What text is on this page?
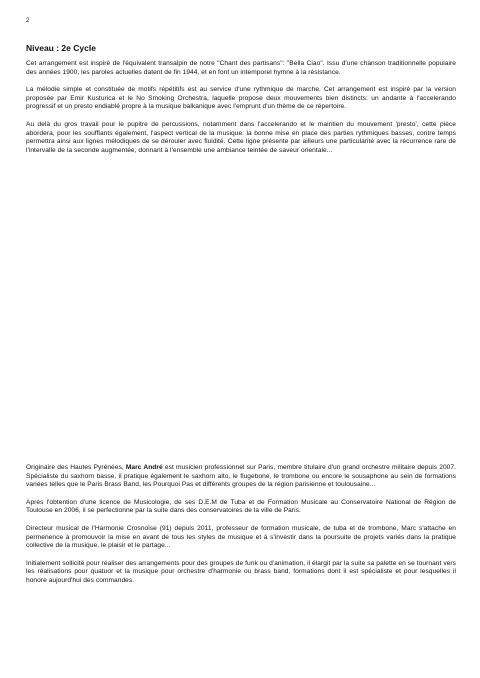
2
Niveau : 2e Cycle

Cet arrangement est inspiré de l'équivalent transalpin de notre "Chant des partisans": "Bella Ciao". Issu d'une chanson traditionnelle populaire des années 1900, les paroles actuelles datent de fin 1944, et en font un intemporel hymne à la résistance.

La mélodie simple et constituée de motifs répétitifs est au service d'une rythmique de marche. Cet arrangement est inspiré par la version proposée par Emir Kusturica et le No Smoking Orchestra, laquelle propose deux mouvements bien distincts: un andante à l'accelerando progressif et un presto endiablé propre à la musique balkanique avec l'emprunt d'un thème de ce répertoire.

Au delà du gros travail pour le pupitre de percussions, notamment dans l'accelerando et le maintien du mouvement 'presto', cette pièce abordera, pour les soufflants également, l'aspect vertical de la musique: la bonne mise en place des parties rythmiques basses, contre temps permettra ainsi aux lignes mélodiques de se dérouler avec fluidité. Cette ligne présente par ailleurs une particularité avec la récurrence rare de l'intervalle de la seconde augmentée, donnant à l'ensemble une ambiance teintée de saveur orientale...

Originaire des Hautes Pyrénées, Marc André est musicien professionnel sur Paris, membre titulaire d'un grand orchestre militaire depuis 2007. Spécialiste du saxhorn basse, il pratique également le saxhorn alto, le flugebone, le trombone ou encore le sousaphone au sein de formations variées telles que le Paris Brass Band, les Pourquoi Pas et différents groupes de la région parisienne et toulousaine...

Après l'obtention d'une licence de Musicologie, de ses D.E.M de Tuba et de Formation Musicale au Conservatoire National de Région de Toulouse en 2006, il se perfectionne par la suite dans des conservatoires de la ville de Paris.

Directeur musical de l'Harmonie Crosnoise (91) depuis 2011, professeur de formation musicale, de tuba et de trombone, Marc s'attache en permenence à promouvoir la mise en avant de tous les styles de musique et à s'investir dans la poursuite de projets variés dans la pratique collective de la musique, le plaisir et le partage...

Initialement sollicité pour réaliser des arrangements pour des groupes de funk ou d'animation, il élargit par la suite sa palette en se tournant vers les réalisations pour quatuor et la musique pour orchestre d'harmonie ou brass band, formations dont il est spécialiste et pour lesquelles il honore aujourd'hui des commandes.
